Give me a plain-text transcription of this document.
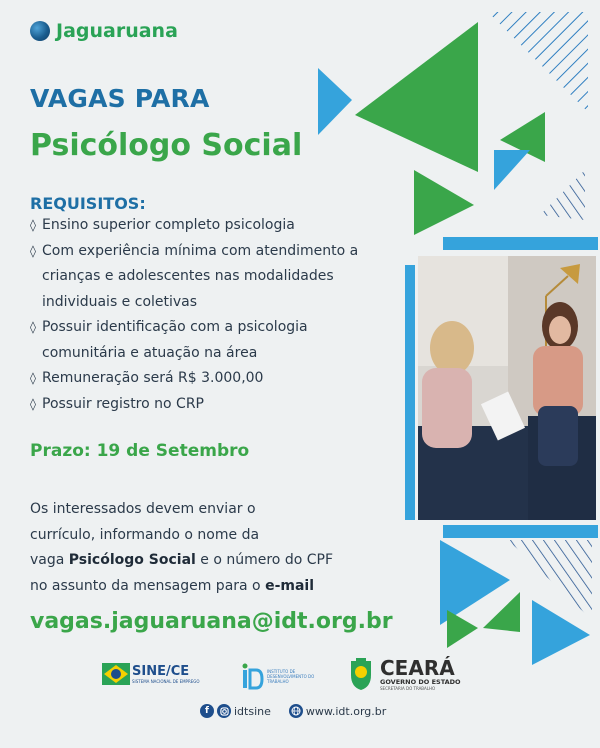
Jaguaruana
VAGAS PARA
Psicólogo Social
REQUISITOS:
◊ Ensino superior completo psicologia
◊ Com experiência mínima com atendimento a
crianças e adolescentes nas modalidades
individuais e coletivas
◊ Possuir identificação com a psicologia
comunitária e atuação na área
◊ Remuneração será R$ 3.000,00
◊ Possuir registro no CRP
Prazo: 19 de Setembro
Os interessados devem enviar o
currículo, informando o nome da
vaga Psicólogo Social e o número do CPF
no assunto da mensagem para o e-mail
vagas.jaguaruana@idt.org.br
SINE/CE
SISTEMA NACIONAL DE EMPREGO
INSTITUTO DE DESENVOLVIMENTO DO TRABALHO
CEARÁ
GOVERNO DO ESTADO
SECRETARIA DO TRABALHO
f	idtsine	www.idt.org.br
